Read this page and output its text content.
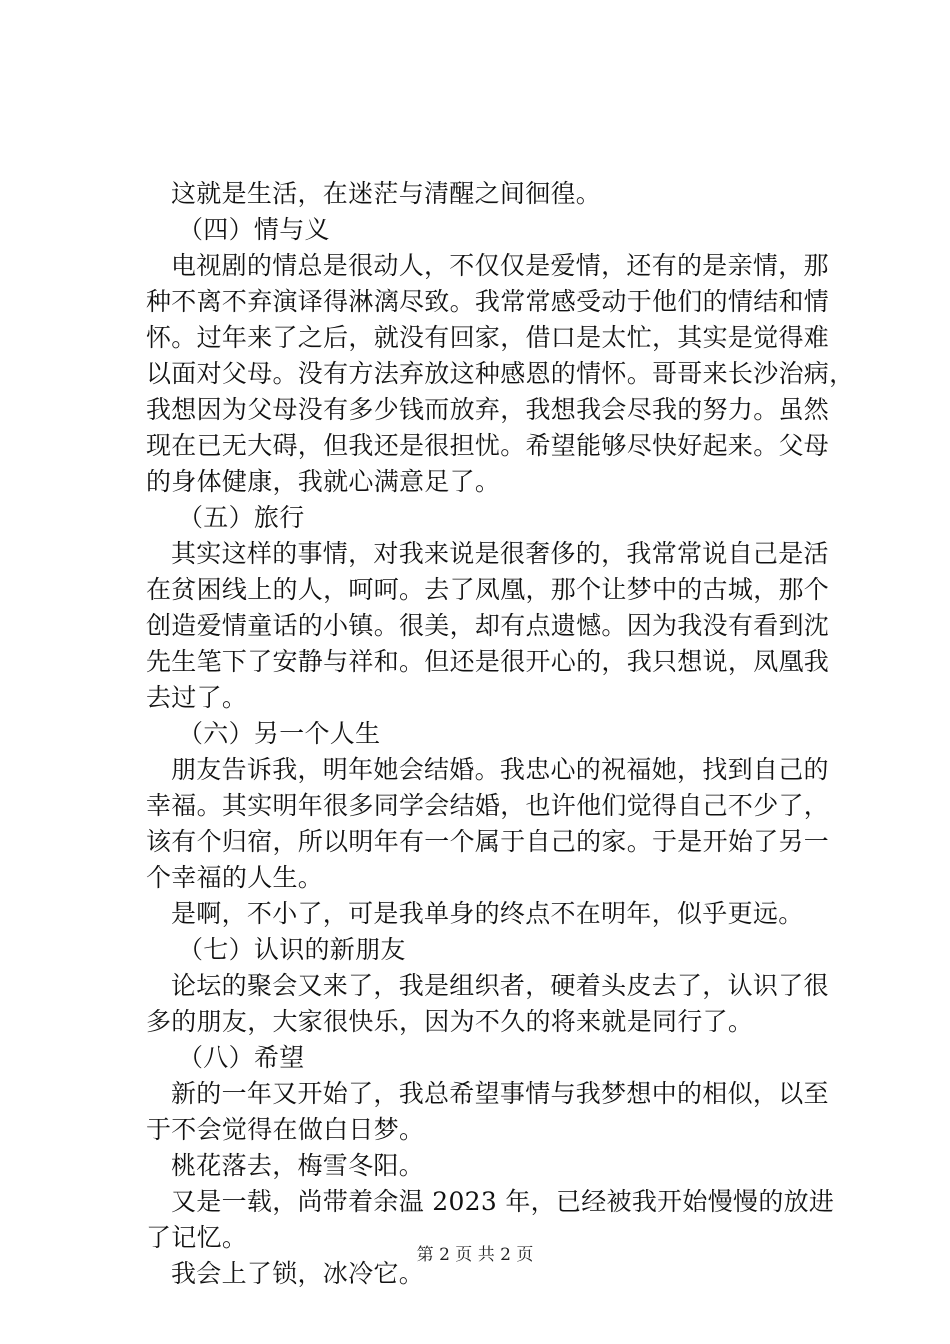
这就是生活，在迷茫与清醒之间徊徨。
（四）情与义
电视剧的情总是很动人，不仅仅是爱情，还有的是亲情，那
种不离不弃演译得淋漓尽致。我常常感受动于他们的情结和情
怀。过年来了之后，就没有回家，借口是太忙，其实是觉得难
以面对父母。没有方法弃放这种感恩的情怀。哥哥来长沙治病，
我想因为父母没有多少钱而放弃，我想我会尽我的努力。虽然
现在已无大碍，但我还是很担忧。希望能够尽快好起来。父母
的身体健康，我就心满意足了。
（五）旅行
其实这样的事情，对我来说是很奢侈的，我常常说自己是活
在贫困线上的人，呵呵。去了凤凰，那个让梦中的古城，那个
创造爱情童话的小镇。很美，却有点遗憾。因为我没有看到沈
先生笔下了安静与祥和。但还是很开心的，我只想说，凤凰我
去过了。
（六）另一个人生
朋友告诉我，明年她会结婚。我忠心的祝福她，找到自己的
幸福。其实明年很多同学会结婚，也许他们觉得自己不少了，
该有个归宿，所以明年有一个属于自己的家。于是开始了另一
个幸福的人生。
是啊，不小了，可是我单身的终点不在明年，似乎更远。
（七）认识的新朋友
论坛的聚会又来了，我是组织者，硬着头皮去了，认识了很
多的朋友，大家很快乐，因为不久的将来就是同行了。
（八）希望
新的一年又开始了，我总希望事情与我梦想中的相似，以至
于不会觉得在做白日梦。
桃花落去，梅雪冬阳。
又是一载，尚带着余温 2023 年，已经被我开始慢慢的放进
了记忆。
我会上了锁，冰冷它。
第 2 页 共 2 页
